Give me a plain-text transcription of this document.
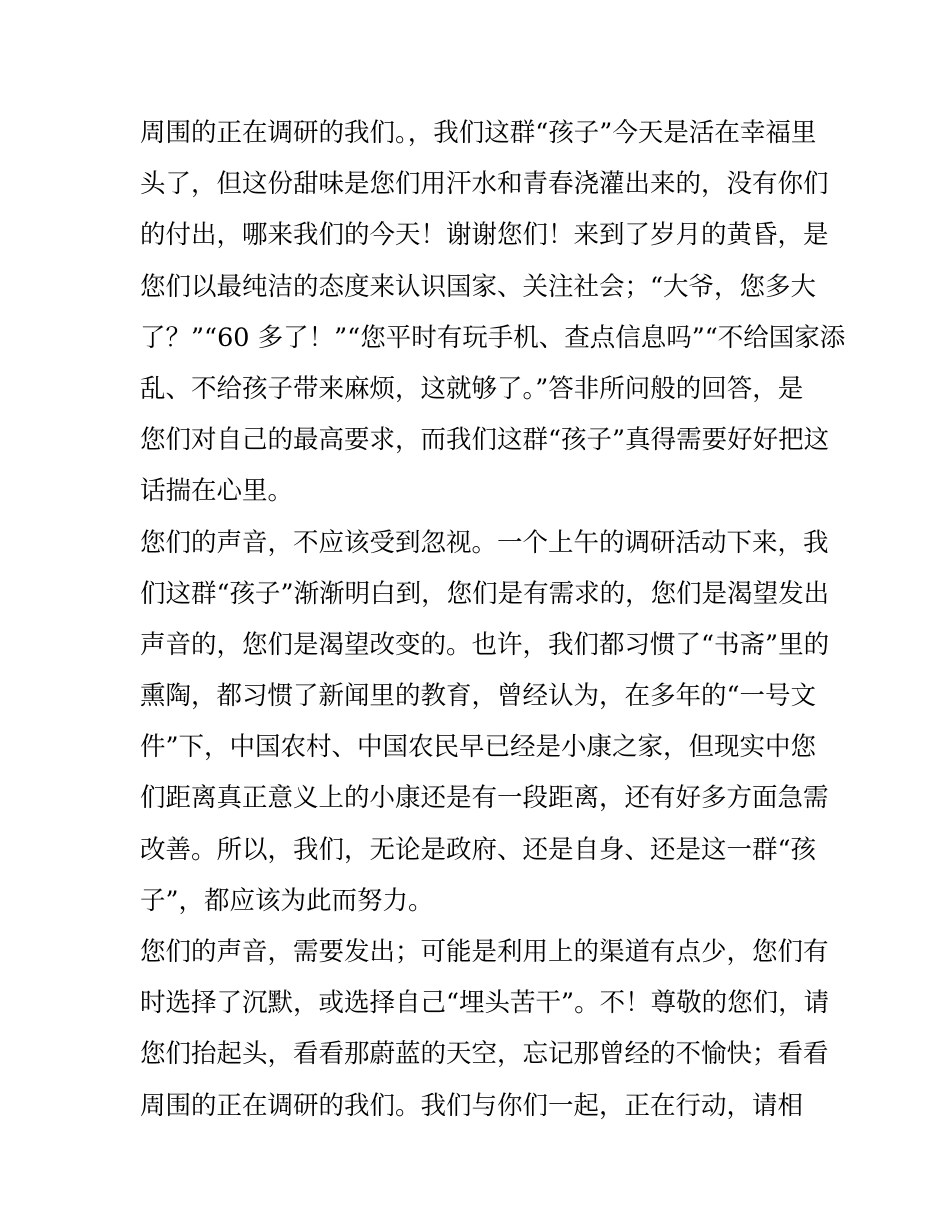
周围的正在调研的我们。，我们这群“孩子”今天是活在幸福里
头了，但这份甜味是您们用汗水和青春浇灌出来的，没有你们
的付出，哪来我们的今天！谢谢您们！来到了岁月的黄昏，是
您们以最纯洁的态度来认识国家、关注社会；“大爷，您多大
了？”“60 多了！”“您平时有玩手机、查点信息吗”“不给国家添
乱、不给孩子带来麻烦，这就够了。”答非所问般的回答，是
您们对自己的最高要求，而我们这群“孩子”真得需要好好把这
话揣在心里。
您们的声音，不应该受到忽视。一个上午的调研活动下来，我
们这群“孩子”渐渐明白到，您们是有需求的，您们是渴望发出
声音的，您们是渴望改变的。也许，我们都习惯了“书斋”里的
熏陶，都习惯了新闻里的教育，曾经认为，在多年的“一号文
件”下，中国农村、中国农民早已经是小康之家，但现实中您
们距离真正意义上的小康还是有一段距离，还有好多方面急需
改善。所以，我们，无论是政府、还是自身、还是这一群“孩
子”，都应该为此而努力。
您们的声音，需要发出；可能是利用上的渠道有点少，您们有
时选择了沉默，或选择自己“埋头苦干”。不！尊敬的您们，请
您们抬起头，看看那蔚蓝的天空，忘记那曾经的不愉快；看看
周围的正在调研的我们。我们与你们一起，正在行动，请相
